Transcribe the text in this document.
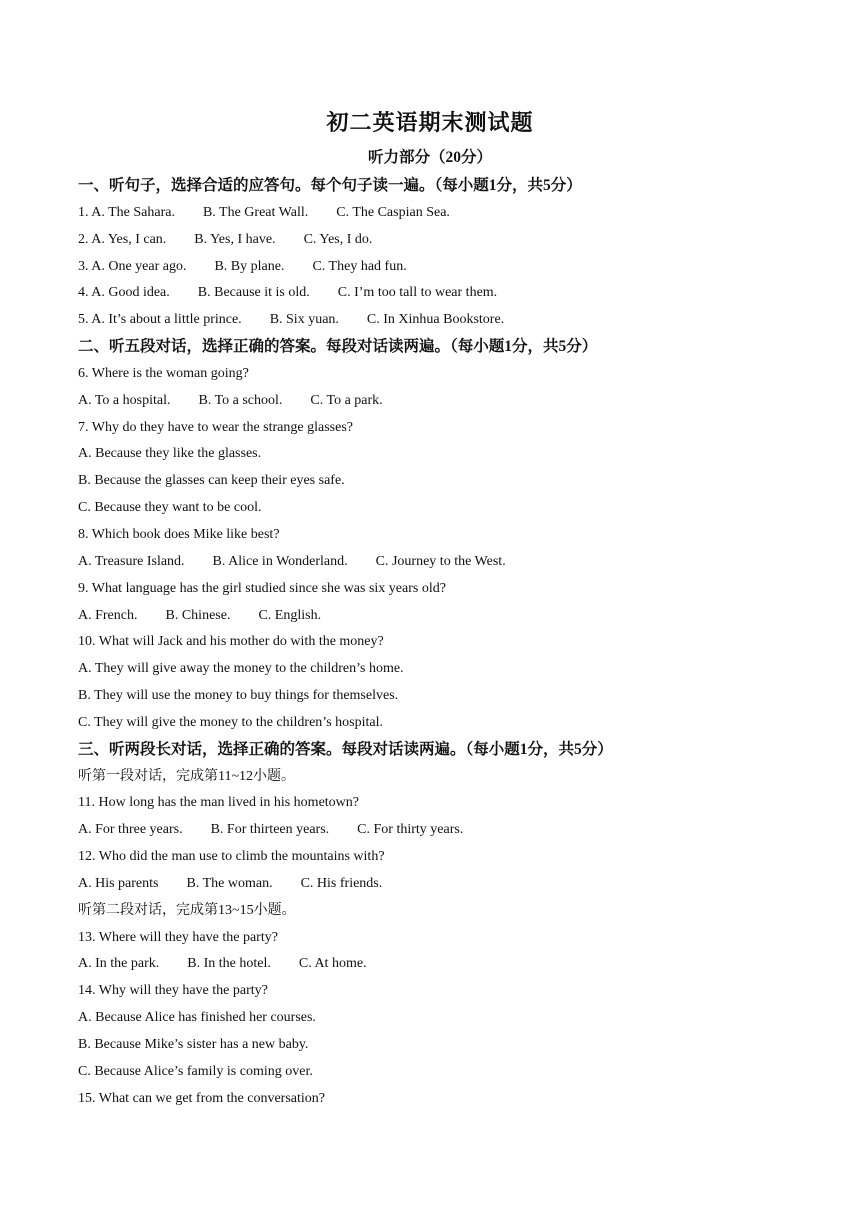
初二英语期末测试题
听力部分（20分）
一、听句子，选择合适的应答句。每个句子读一遍。（每小题1分，共5分）
1. A. The Sahara. B. The Great Wall. C. The Caspian Sea.
2. A. Yes, I can. B. Yes, I have. C. Yes, I do.
3. A. One year ago. B. By plane. C. They had fun.
4. A. Good idea. B. Because it is old. C. I’m too tall to wear them.
5. A. It’s about a little prince. B. Six yuan. C. In Xinhua Bookstore.
二、听五段对话，选择正确的答案。每段对话读两遍。（每小题1分，共5分）
6. Where is the woman going?
A. To a hospital. B. To a school. C. To a park.
7. Why do they have to wear the strange glasses?
A. Because they like the glasses.
B. Because the glasses can keep their eyes safe.
C. Because they want to be cool.
8. Which book does Mike like best?
A. Treasure Island. B. Alice in Wonderland. C. Journey to the West.
9. What language has the girl studied since she was six years old?
A. French. B. Chinese. C. English.
10. What will Jack and his mother do with the money?
A. They will give away the money to the children’s home.
B. They will use the money to buy things for themselves.
C. They will give the money to the children’s hospital.
三、听两段长对话，选择正确的答案。每段对话读两遍。（每小题1分，共5分）
听第一段对话，完成第11~12小题。
11. How long has the man lived in his hometown?
A. For three years. B. For thirteen years. C. For thirty years.
12. Who did the man use to climb the mountains with?
A. His parents B. The woman. C. His friends.
听第二段对话，完成第13~15小题。
13. Where will they have the party?
A. In the park. B. In the hotel. C. At home.
14. Why will they have the party?
A. Because Alice has finished her courses.
B. Because Mike’s sister has a new baby.
C. Because Alice’s family is coming over.
15. What can we get from the conversation?
